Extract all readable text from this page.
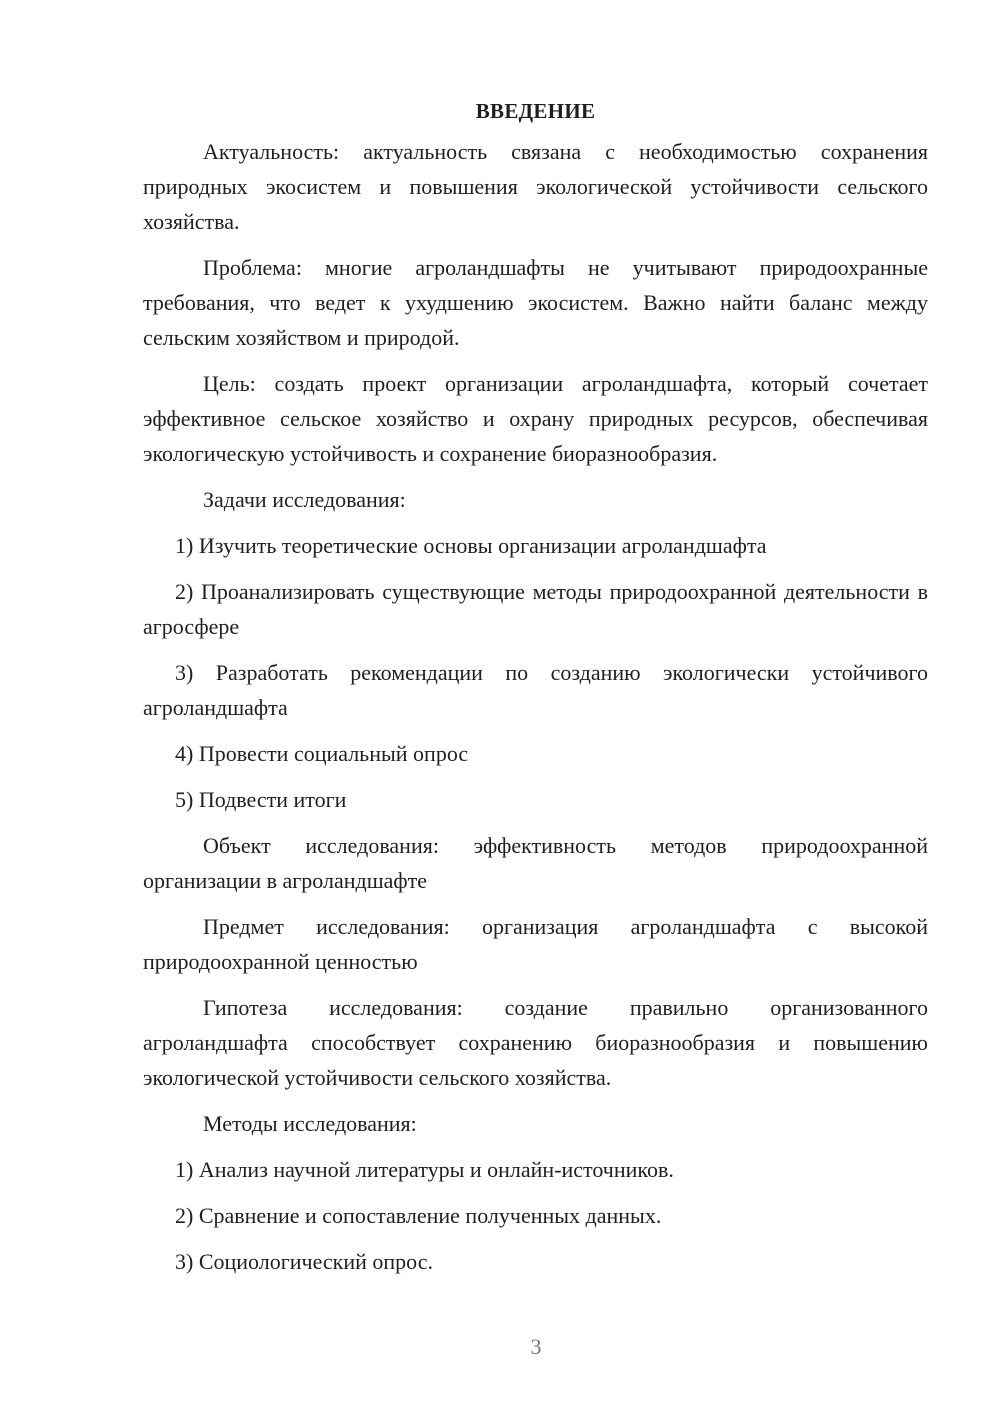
ВВЕДЕНИЕ

Актуальность: актуальность связана с необходимостью сохранения природных экосистем и повышения экологической устойчивости сельского хозяйства.

Проблема: многие агроландшафты не учитывают природоохранные требования, что ведет к ухудшению экосистем. Важно найти баланс между сельским хозяйством и природой.

Цель: создать проект организации агроландшафта, который сочетает эффективное сельское хозяйство и охрану природных ресурсов, обеспечивая экологическую устойчивость и сохранение биоразнообразия.

Задачи исследования:

1) Изучить теоретические основы организации агроландшафта

2) Проанализировать существующие методы природоохранной деятельности в агросфере

3) Разработать рекомендации по созданию экологически устойчивого агроландшафта

4) Провести социальный опрос

5) Подвести итоги

Объект исследования: эффективность методов природоохранной организации в агроландшафте

Предмет исследования: организация агроландшафта с высокой природоохранной ценностью

Гипотеза исследования: создание правильно организованного агроландшафта способствует сохранению биоразнообразия и повышению экологической устойчивости сельского хозяйства.

Методы исследования:

1) Анализ научной литературы и онлайн-источников.

2) Сравнение и сопоставление полученных данных.

3) Социологический опрос.

3
